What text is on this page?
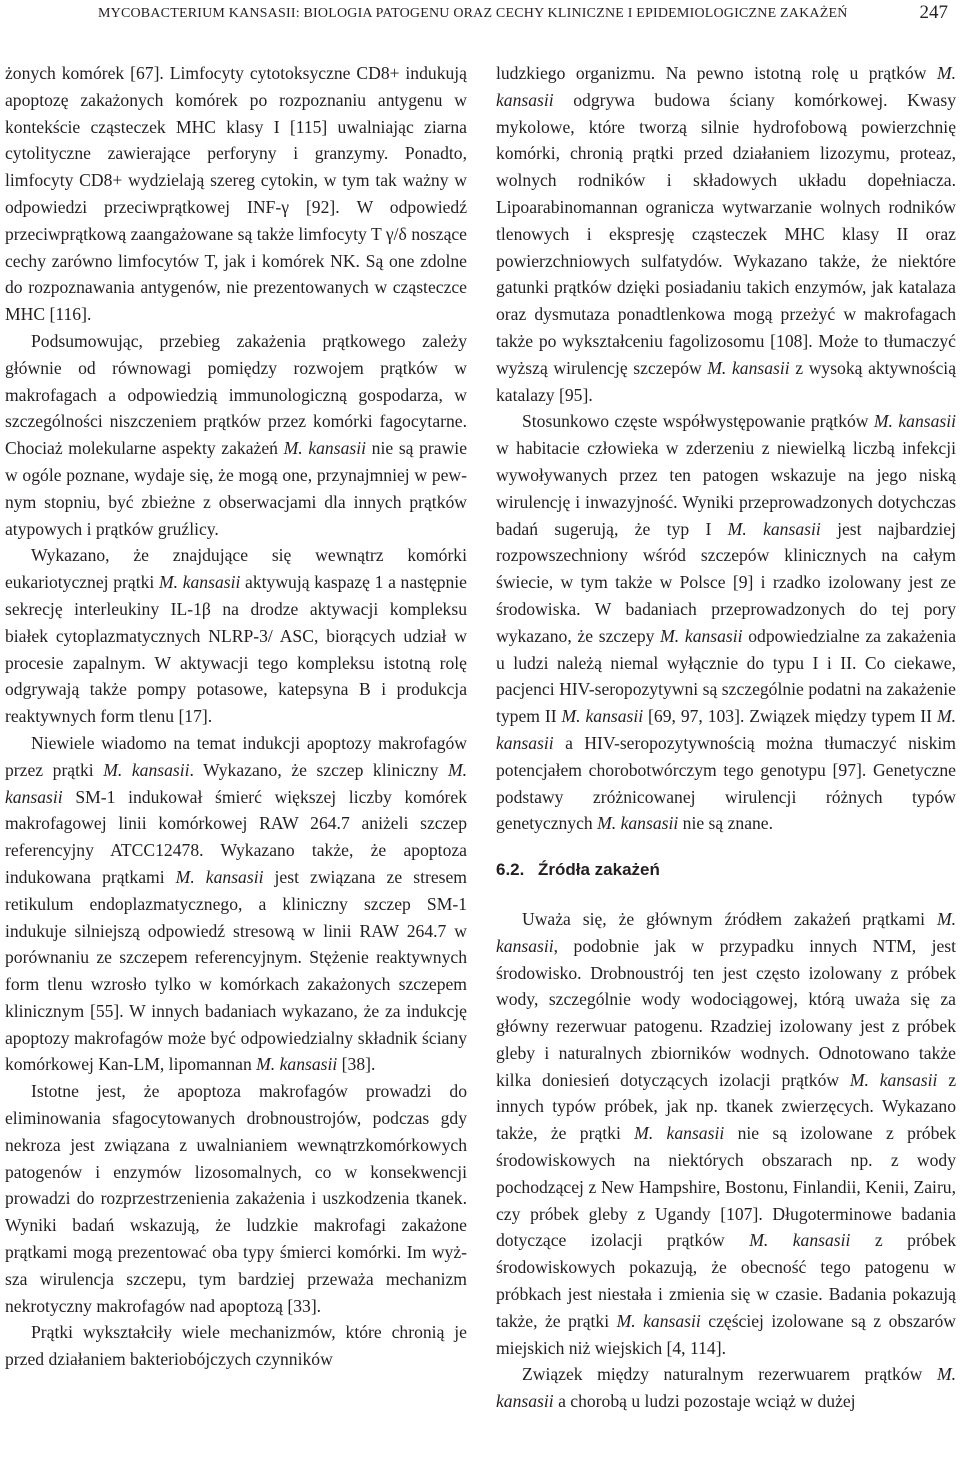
MYCOBACTERIUM KANSASII: BIOLOGIA PATOGENU ORAZ CECHY KLINICZNE I EPIDEMIOLOGICZNE ZAKAŻEŃ	247

żonych komórek [67]. Limfocyty cytotoksyczne CD8+ indukują apoptozę zakażonych komórek po rozpoznaniu antygenu w kontekście cząsteczek MHC klasy I [115] uwalniając ziarna cytolityczne zawierające perforyny i granzymy. Ponadto, limfocyty CD8+ wydzielają szereg cytokin, w tym tak ważny w odpowiedzi przeciwprątkowej INF-γ [92]. W odpowiedź przeciwprątkową zaangażowane są także limfocyty T γ/δ noszące cechy zarówno limfocytów T, jak i komórek NK. Są one zdolne do rozpoznawania antygenów, nie prezentowanych w cząsteczce MHC [116].

Podsumowując, przebieg zakażenia prątkowego zależy głównie od równowagi pomiędzy rozwojem prątków w makrofagach a odpowiedzią immunologiczną gospodarza, w szczególności niszczeniem prątków przez komórki fagocytarne. Chociaż molekularne aspekty zakażeń M. kansasii nie są prawie w ogóle poznane, wydaje się, że mogą one, przynajmniej w pewnym stopniu, być zbieżne z obserwacjami dla innych prątków atypowych i prątków gruźlicy.

Wykazano, że znajdujące się wewnątrz komórki eukariotycznej prątki M. kansasii aktywują kaspazę 1 a następnie sekrecję interleukiny IL-1β na drodze aktywacji kompleksu białek cytoplazmatycznych NLRP-3/ ASC, biorących udział w procesie zapalnym. W aktywacji tego kompleksu istotną rolę odgrywają także pompy potasowe, katepsyna B i produkcja reaktywnych form tlenu [17].

Niewiele wiadomo na temat indukcji apoptozy makrofagów przez prątki M. kansasii. Wykazano, że szczep kliniczny M. kansasii SM-1 indukował śmierć większej liczby komórek makrofagowej linii komórkowej RAW 264.7 aniżeli szczep referencyjny ATCC12478. Wykazano także, że apoptoza indukowana prątkami M. kansasii jest związana ze stresem retikulum endoplazmatycznego, a kliniczny szczep SM-1 indukuje silniejszą odpowiedź stresową w linii RAW 264.7 w porównaniu ze szczepem referencyjnym. Stężenie reaktywnych form tlenu wzrosło tylko w komórkach zakażonych szczepem klinicznym [55]. W innych badaniach wykazano, że za indukcję apoptozy makrofagów może być odpowiedzialny składnik ściany komórkowej Kan-LM, lipomannan M. kansasii [38].

Istotne jest, że apoptoza makrofagów prowadzi do eliminowania sfagocytowanych drobnoustrojów, podczas gdy nekroza jest związana z uwalnianiem wewnątrzkomórkowych patogenów i enzymów lizosomalnych, co w konsekwencji prowadzi do rozprzestrzenienia zakażenia i uszkodzenia tkanek. Wyniki badań wskazują, że ludzkie makrofagi zakażone prątkami mogą prezentować oba typy śmierci komórki. Im wyższa wirulencja szczepu, tym bardziej przeważa mechanizm nekrotyczny makrofagów nad apoptozą [33].

Prątki wykształciły wiele mechanizmów, które chronią je przed działaniem bakteriobójczych czynników

ludzkiego organizmu. Na pewno istotną rolę u prątków M. kansasii odgrywa budowa ściany komórkowej. Kwasy mykolowe, które tworzą silnie hydrofobową powierzchnię komórki, chronią prątki przed działaniem lizozymu, proteaz, wolnych rodników i składowych układu dopełniacza. Lipoarabinomannan ogranicza wytwarzanie wolnych rodników tlenowych i ekspresję cząsteczek MHC klasy II oraz powierzchniowych sulfatydów. Wykazano także, że niektóre gatunki prątków dzięki posiadaniu takich enzymów, jak katalaza oraz dysmutaza ponadtlenkowa mogą przeżyć w makrofagach także po wykształceniu fagolizosomu [108]. Może to tłumaczyć wyższą wirulencję szczepów M. kansasii z wysoką aktywnością katalazy [95].

Stosunkowo częste współwystępowanie prątków M. kansasii w habitacie człowieka w zderzeniu z niewielką liczbą infekcji wywoływanych przez ten patogen wskazuje na jego niską wirulencję i inwazyjność. Wyniki przeprowadzonych dotychczas badań sugerują, że typ I M. kansasii jest najbardziej rozpowszechniony wśród szczepów klinicznych na całym świecie, w tym także w Polsce [9] i rzadko izolowany jest ze środowiska. W badaniach przeprowadzonych do tej pory wykazano, że szczepy M. kansasii odpowiedzialne za zakażenia u ludzi należą niemal wyłącznie do typu I i II. Co ciekawe, pacjenci HIV-seropozytywni są szczególnie podatni na zakażenie typem II M. kansasii [69, 97, 103]. Związek między typem II M. kansasii a HIV-seropozytywnością można tłumaczyć niskim potencjałem chorobotwórczym tego genotypu [97]. Genetyczne podstawy zróżnicowanej wirulencji różnych typów genetycznych M. kansasii nie są znane.

6.2. Źródła zakażeń

Uważa się, że głównym źródłem zakażeń prątkami M. kansasii, podobnie jak w przypadku innych NTM, jest środowisko. Drobnoustrój ten jest często izolowany z próbek wody, szczególnie wody wodociągowej, którą uważa się za główny rezerwuar patogenu. Rzadziej izolowany jest z próbek gleby i naturalnych zbiorników wodnych. Odnotowano także kilka doniesień dotyczących izolacji prątków M. kansasii z innych typów próbek, jak np. tkanek zwierzęcych. Wykazano także, że prątki M. kansasii nie są izolowane z próbek środowiskowych na niektórych obszarach np. z wody pochodzącej z New Hampshire, Bostonu, Finlandii, Kenii, Zairu, czy próbek gleby z Ugandy [107]. Długoterminowe badania dotyczące izolacji prątków M. kansasii z próbek środowiskowych pokazują, że obecność tego patogenu w próbkach jest niestała i zmienia się w czasie. Badania pokazują także, że prątki M. kansasii częściej izolowane są z obszarów miejskich niż wiejskich [4, 114].

Związek między naturalnym rezerwuarem prątków M. kansasii a chorobą u ludzi pozostaje wciąż w dużej
